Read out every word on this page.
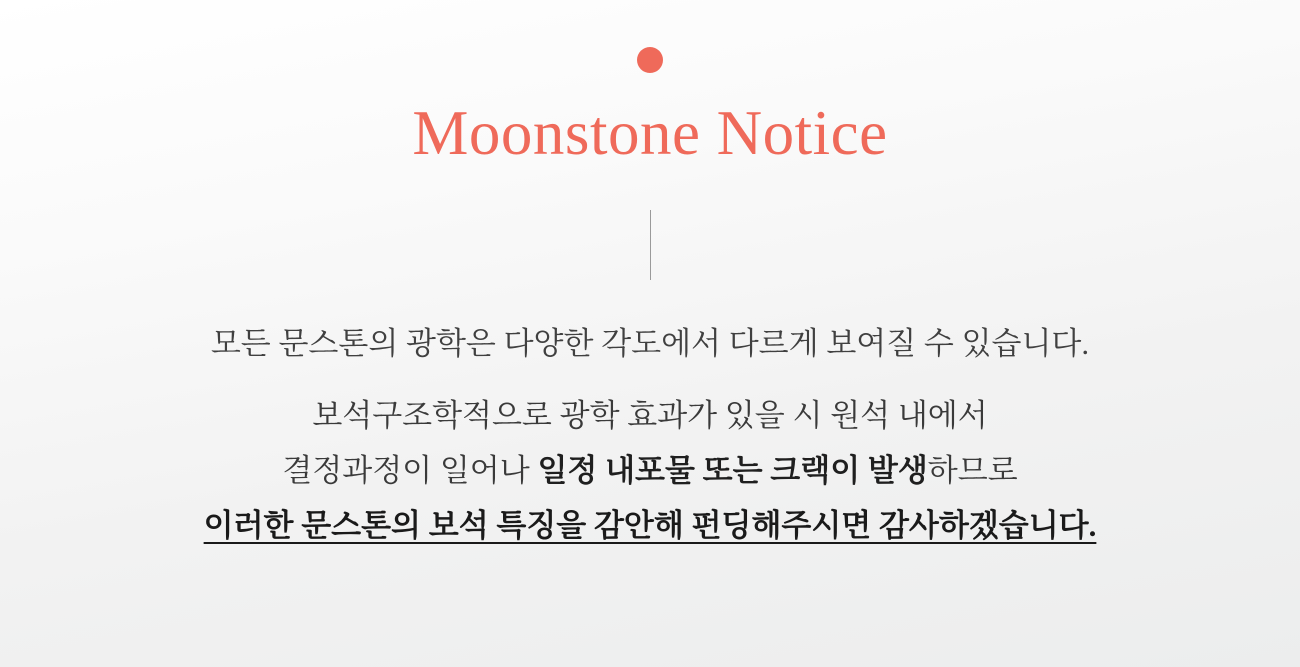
Moonstone Notice
모든 문스톤의 광학은 다양한 각도에서 다르게 보여질 수 있습니다.
보석구조학적으로 광학 효과가 있을 시 원석 내에서
결정과정이 일어나 일정 내포물 또는 크랙이 발생하므로
이러한 문스톤의 보석 특징을 감안해 펀딩해주시면 감사하겠습니다.
